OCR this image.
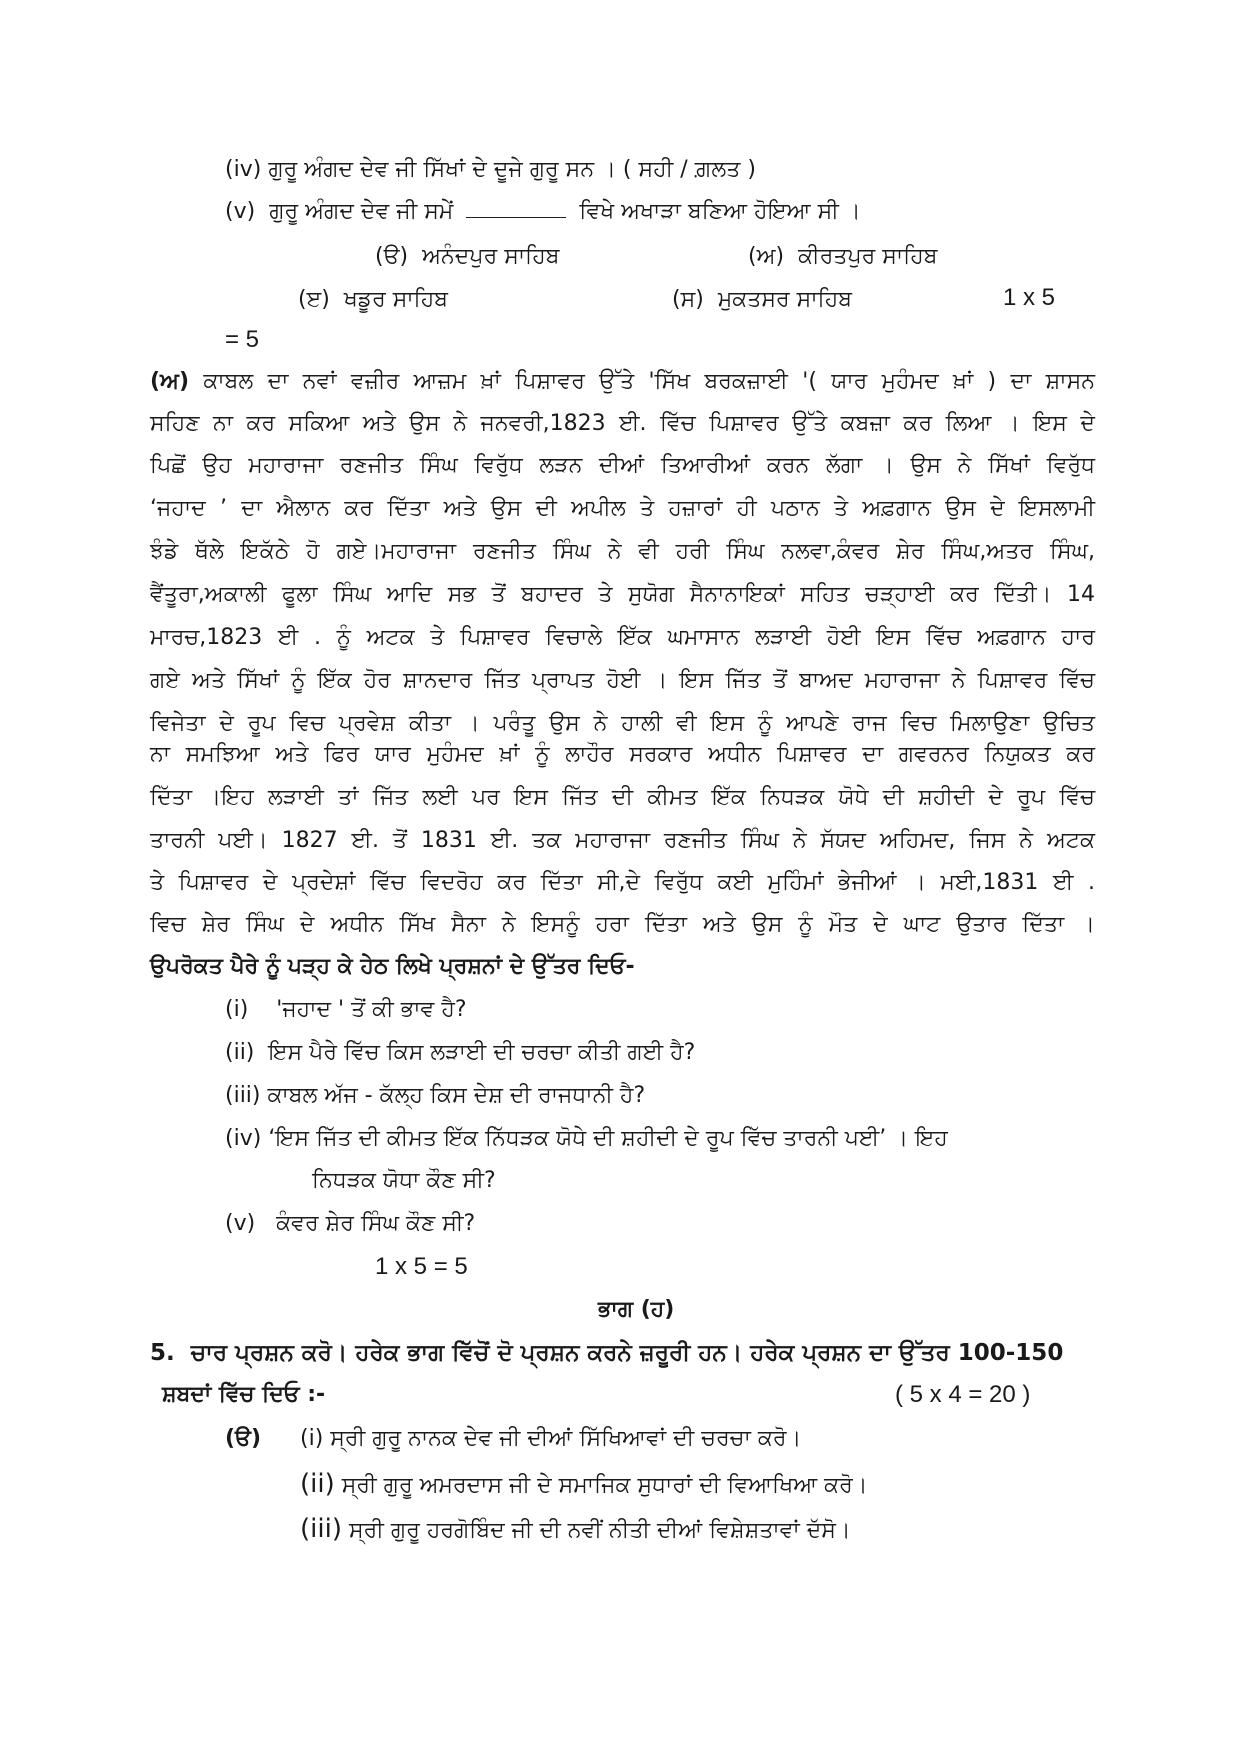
(iv) ਗੁਰੂ ਅੰਗਦ ਦੇਵ ਜੀ ਸਿੱਖਾਂ ਦੇ ਦੂਜੇ ਗੁਰੂ ਸਨ । ( ਸਹੀ / ਗ਼ਲਤ )
(v) ਗੁਰੂ ਅੰਗਦ ਦੇਵ ਜੀ ਸਮੇਂ	ਵਿਖੇ ਅਖਾੜਾ ਬਣਿਆ ਹੋਇਆ ਸੀ ।
(ੳ) ਅਨੰਦਪੁਰ ਸਾਹਿਬ	(ਅ) ਕੀਰਤਪੁਰ ਸਾਹਿਬ
(ੲ) ਖਡੂਰ ਸਾਹਿਬ	(ਸ) ਮੁਕਤਸਰ ਸਾਹਿਬ	1 x 5
= 5
(ਅ) ਕਾਬਲ ਦਾ ਨਵਾਂ ਵਜ਼ੀਰ ਆਜ਼ਮ ਖ਼ਾਂ ਪਿਸ਼ਾਵਰ ਉੱਤੇ 'ਸਿੱਖ ਬਰਕਜ਼ਾਈ '( ਯਾਰ ਮੁਹੰਮਦ ਖ਼ਾਂ ) ਦਾ ਸ਼ਾਸਨ
ਸਹਿਣ ਨਾ ਕਰ ਸਕਿਆ ਅਤੇ ਉਸ ਨੇ ਜਨਵਰੀ,1823 ਈ. ਵਿੱਚ ਪਿਸ਼ਾਵਰ ਉੱਤੇ ਕਬਜ਼ਾ ਕਰ ਲਿਆ । ਇਸ ਦੇ
ਪਿਛੋਂ ਉਹ ਮਹਾਰਾਜਾ ਰਣਜੀਤ ਸਿੰਘ ਵਿਰੁੱਧ ਲੜਨ ਦੀਆਂ ਤਿਆਰੀਆਂ ਕਰਨ ਲੱਗਾ । ਉਸ ਨੇ ਸਿੱਖਾਂ ਵਿਰੁੱਧ
‘ਜਹਾਦ ’ ਦਾ ਐਲਾਨ ਕਰ ਦਿੱਤਾ ਅਤੇ ਉਸ ਦੀ ਅਪੀਲ ਤੇ ਹਜ਼ਾਰਾਂ ਹੀ ਪਠਾਨ ਤੇ ਅਫ਼ਗਾਨ ਉਸ ਦੇ ਇਸਲਾਮੀ
ਝੰਡੇ ਥੱਲੇ ਇਕੱਠੇ ਹੋ ਗਏ।ਮਹਾਰਾਜਾ ਰਣਜੀਤ ਸਿੰਘ ਨੇ ਵੀ ਹਰੀ ਸਿੰਘ ਨਲਵਾ,ਕੰਵਰ ਸ਼ੇਰ ਸਿੰਘ,ਅਤਰ ਸਿੰਘ,
ਵੈਂਤੂਰਾ,ਅਕਾਲੀ ਫੂਲਾ ਸਿੰਘ ਆਦਿ ਸਭ ਤੋਂ ਬਹਾਦਰ ਤੇ ਸੁਯੋਗ ਸੈਨਾਨਾਇਕਾਂ ਸਹਿਤ ਚੜ੍ਹਾਈ ਕਰ ਦਿੱਤੀ। 14
ਮਾਰਚ,1823 ਈ . ਨੂੰ ਅਟਕ ਤੇ ਪਿਸ਼ਾਵਰ ਵਿਚਾਲੇ ਇੱਕ ਘਮਾਸਾਨ ਲੜਾਈ ਹੋਈ ਇਸ ਵਿੱਚ ਅਫ਼ਗਾਨ ਹਾਰ
ਗਏ ਅਤੇ ਸਿੱਖਾਂ ਨੂੰ ਇੱਕ ਹੋਰ ਸ਼ਾਨਦਾਰ ਜਿੱਤ ਪ੍ਰਾਪਤ ਹੋਈ । ਇਸ ਜਿੱਤ ਤੋਂ ਬਾਅਦ ਮਹਾਰਾਜਾ ਨੇ ਪਿਸ਼ਾਵਰ ਵਿੱਚ
ਵਿਜੇਤਾ ਦੇ ਰੂਪ ਵਿਚ ਪ੍ਰਵੇਸ਼ ਕੀਤਾ । ਪਰੰਤੂ ਉਸ ਨੇ ਹਾਲੀ ਵੀ ਇਸ ਨੂੰ ਆਪਣੇ ਰਾਜ ਵਿਚ ਮਿਲਾਉਣਾ ਉਚਿਤ
ਨਾ ਸਮਝਿਆ ਅਤੇ ਫਿਰ ਯਾਰ ਮੁਹੰਮਦ ਖ਼ਾਂ ਨੂੰ ਲਾਹੌਰ ਸਰਕਾਰ ਅਧੀਨ ਪਿਸ਼ਾਵਰ ਦਾ ਗਵਰਨਰ ਨਿਯੁਕਤ ਕਰ
ਦਿੱਤਾ ।ਇਹ ਲੜਾਈ ਤਾਂ ਜਿੱਤ ਲਈ ਪਰ ਇਸ ਜਿੱਤ ਦੀ ਕੀਮਤ ਇੱਕ ਨਿਧੜਕ ਯੋਧੇ ਦੀ ਸ਼ਹੀਦੀ ਦੇ ਰੂਪ ਵਿੱਚ
ਤਾਰਨੀ ਪਈ। 1827 ਈ. ਤੋਂ 1831 ਈ. ਤਕ ਮਹਾਰਾਜਾ ਰਣਜੀਤ ਸਿੰਘ ਨੇ ਸੱਯਦ ਅਹਿਮਦ, ਜਿਸ ਨੇ ਅਟਕ
ਤੇ ਪਿਸ਼ਾਵਰ ਦੇ ਪ੍ਰਦੇਸ਼ਾਂ ਵਿੱਚ ਵਿਦਰੋਹ ਕਰ ਦਿੱਤਾ ਸੀ,ਦੇ ਵਿਰੁੱਧ ਕਈ ਮੁਹਿੰਮਾਂ ਭੇਜੀਆਂ । ਮਈ,1831 ਈ .
ਵਿਚ ਸ਼ੇਰ ਸਿੰਘ ਦੇ ਅਧੀਨ ਸਿੱਖ ਸੈਨਾ ਨੇ ਇਸਨੂੰ ਹਰਾ ਦਿੱਤਾ ਅਤੇ ਉਸ ਨੂੰ ਮੌਤ ਦੇ ਘਾਟ ਉਤਾਰ ਦਿੱਤਾ ।
ਉਪਰੋਕਤ ਪੈਰੇ ਨੂੰ ਪੜ੍ਹ ਕੇ ਹੇਠ ਲਿਖੇ ਪ੍ਰਸ਼ਨਾਂ ਦੇ ਉੱਤਰ ਦਿਓ-
(i) 'ਜਹਾਦ ' ਤੋਂ ਕੀ ਭਾਵ ਹੈ?
(ii) ਇਸ ਪੈਰੇ ਵਿੱਚ ਕਿਸ ਲੜਾਈ ਦੀ ਚਰਚਾ ਕੀਤੀ ਗਈ ਹੈ?
(iii) ਕਾਬਲ ਅੱਜ - ਕੱਲ੍ਹ ਕਿਸ ਦੇਸ਼ ਦੀ ਰਾਜਧਾਨੀ ਹੈ?
(iv) ‘ਇਸ ਜਿੱਤ ਦੀ ਕੀਮਤ ਇੱਕ ਨਿੱਧੜਕ ਯੋਧੇ ਦੀ ਸ਼ਹੀਦੀ ਦੇ ਰੂਪ ਵਿੱਚ ਤਾਰਨੀ ਪਈ’ । ਇਹ
ਨਿਧੜਕ ਯੋਧਾ ਕੌਣ ਸੀ?
(v) ਕੰਵਰ ਸ਼ੇਰ ਸਿੰਘ ਕੌਣ ਸੀ?
1 x 5 = 5
ਭਾਗ (ਹ)
5. ਚਾਰ ਪ੍ਰਸ਼ਨ ਕਰੋ। ਹਰੇਕ ਭਾਗ ਵਿੱਚੋਂ ਦੋ ਪ੍ਰਸ਼ਨ ਕਰਨੇ ਜ਼ਰੂਰੀ ਹਨ। ਹਰੇਕ ਪ੍ਰਸ਼ਨ ਦਾ ਉੱਤਰ 100-150
ਸ਼ਬਦਾਂ ਵਿੱਚ ਦਿਓ :-	( 5 x 4 = 20 )
(ੳ) (i) ਸ੍ਰੀ ਗੁਰੂ ਨਾਨਕ ਦੇਵ ਜੀ ਦੀਆਂ ਸਿੱਖਿਆਵਾਂ ਦੀ ਚਰਚਾ ਕਰੋ।
(ii) ਸ੍ਰੀ ਗੁਰੂ ਅਮਰਦਾਸ ਜੀ ਦੇ ਸਮਾਜਿਕ ਸੁਧਾਰਾਂ ਦੀ ਵਿਆਖਿਆ ਕਰੋ।
(iii) ਸ੍ਰੀ ਗੁਰੂ ਹਰਗੋਬਿੰਦ ਜੀ ਦੀ ਨਵੀਂ ਨੀਤੀ ਦੀਆਂ ਵਿਸ਼ੇਸ਼ਤਾਵਾਂ ਦੱਸੋ।
